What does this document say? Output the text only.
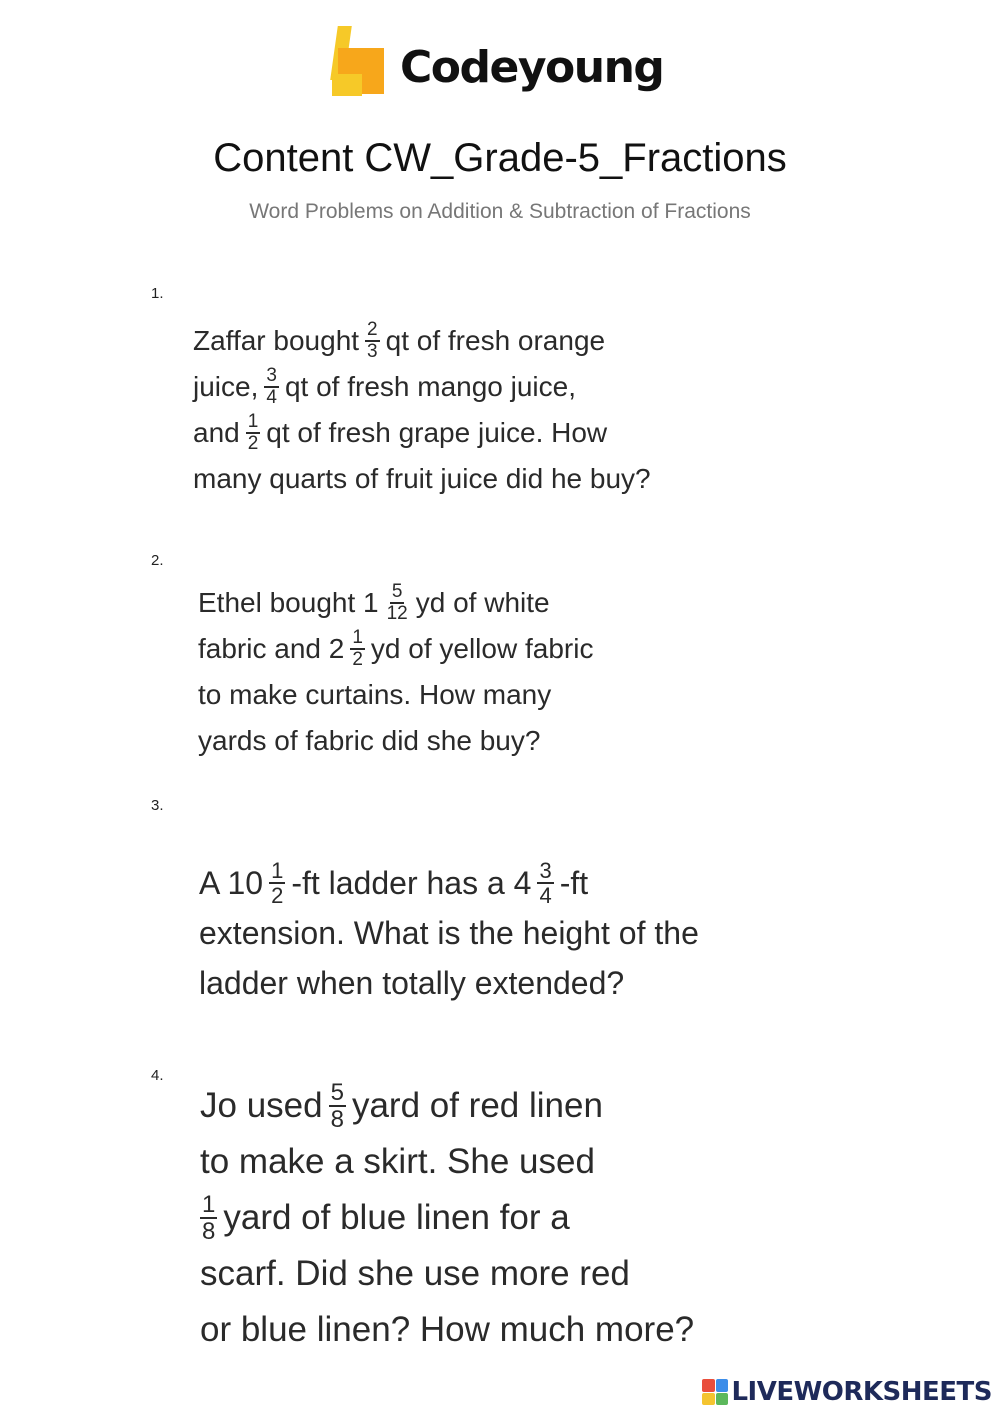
Codeyoung
Content CW_Grade-5_Fractions
Word Problems on Addition & Subtraction of Fractions
1.
Zaffar bought $\frac{2}{3}$ qt of fresh orange
juice, $\frac{3}{4}$ qt of fresh mango juice,
and $\frac{1}{2}$ qt of fresh grape juice. How
many quarts of fruit juice did he buy?
2.
Ethel bought $1 \frac{5}{12}$ yd of white
fabric and $2 \frac{1}{2}$ yd of yellow fabric
to make curtains. How many
yards of fabric did she buy?
3.
A $10 \frac{1}{2} -ft$ ladder has a $4 \frac{3}{4} -ft$
extension. What is the height of the
ladder when totally extended?
4.
Jo used $\frac{5}{8}$ yard of red linen
to make a skirt. She used
$\frac{1}{8}$ yard of blue linen for a
scarf. Did she use more red
or blue linen? How much more?
LIVEWORKSHEETS
